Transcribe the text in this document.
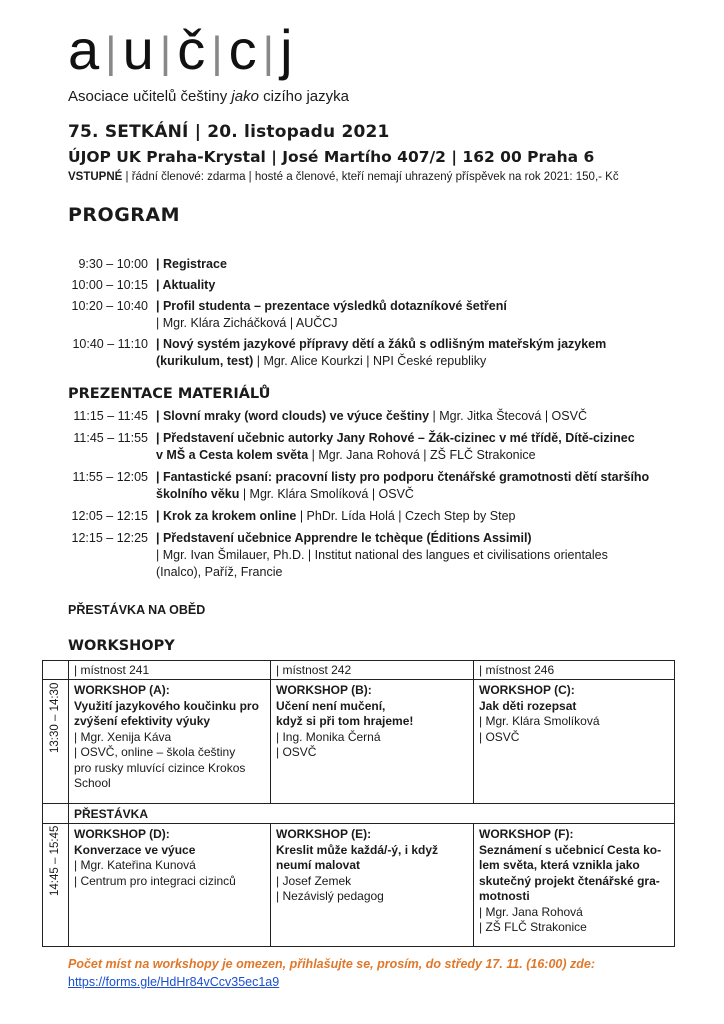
a |u |č |c |j
Asociace učitelů češtiny jako cizího jazyka
75. SETKÁNÍ | 20. listopadu 2021
ÚJOP UK Praha-Krystal | José Martího 407/2 | 162 00 Praha 6
VSTUPNÉ | řádní členové: zdarma | hosté a členové, kteří nemají uhrazený příspěvek na rok 2021: 150,- Kč
PROGRAM
9:30 – 10:00 | Registrace
10:00 – 10:15 | Aktuality
10:20 – 10:40 | Profil studenta – prezentace výsledků dotazníkové šetření
| Mgr. Klára Zicháčková | AUČCJ
10:40 – 11:10 | Nový systém jazykové přípravy dětí a žáků s odlišným mateřským jazykem
(kurikulum, test) | Mgr. Alice Kourkzi | NPI České republiky
PREZENTACE MATERIÁLŮ
11:15 – 11:45 | Slovní mraky (word clouds) ve výuce češtiny | Mgr. Jitka Štecová | OSVČ
11:45 – 11:55 | Představení učebnic autorky Jany Rohové – Žák-cizinec v mé třídě, Dítě-cizinec
v MŠ a Cesta kolem světa | Mgr. Jana Rohová | ZŠ FLČ Strakonice
11:55 – 12:05 | Fantastické psaní: pracovní listy pro podporu čtenářské gramotnosti dětí staršího
školního věku | Mgr. Klára Smolíková | OSVČ
12:05 – 12:15 | Krok za krokem online | PhDr. Lída Holá | Czech Step by Step
12:15 – 12:25 | Představení učebnice Apprendre le tchèque (Éditions Assimil)
| Mgr. Ivan Šmilauer, Ph.D. | Institut national des langues et civilisations orientales
(Inalco), Paříž, Francie
PŘESTÁVKA NA OBĚD
WORKSHOPY
| místnost 241	| místnost 242	| místnost 246
13:30 – 14:30
14:45 – 15:45
PŘESTÁVKA
WORKSHOP (A):
Využití jazykového koučinku pro
zvýšení efektivity výuky
| Mgr. Xenija Káva
| OSVČ, online – škola češtiny
pro rusky mluvící cizince Krokos
School
WORKSHOP (B):
Učení není mučení,
když si při tom hrajeme!
| Ing. Monika Černá
| OSVČ
WORKSHOP (C):
Jak děti rozepsat
| Mgr. Klára Smolíková
| OSVČ
WORKSHOP (D):
Konverzace ve výuce
| Mgr. Kateřina Kunová
| Centrum pro integraci cizinců
WORKSHOP (E):
Kreslit může každá/-ý, i když
neumí malovat
| Josef Zemek
| Nezávislý pedagog
WORKSHOP (F):
Seznámení s učebnicí Cesta ko-
lem světa, která vznikla jako
skutečný projekt čtenářské gra-
motnosti
| Mgr. Jana Rohová
| ZŠ FLČ Strakonice
Počet míst na workshopy je omezen, přihlašujte se, prosím, do středy 17. 11. (16:00) zde:
https://forms.gle/HdHr84vCcv35ec1a9
